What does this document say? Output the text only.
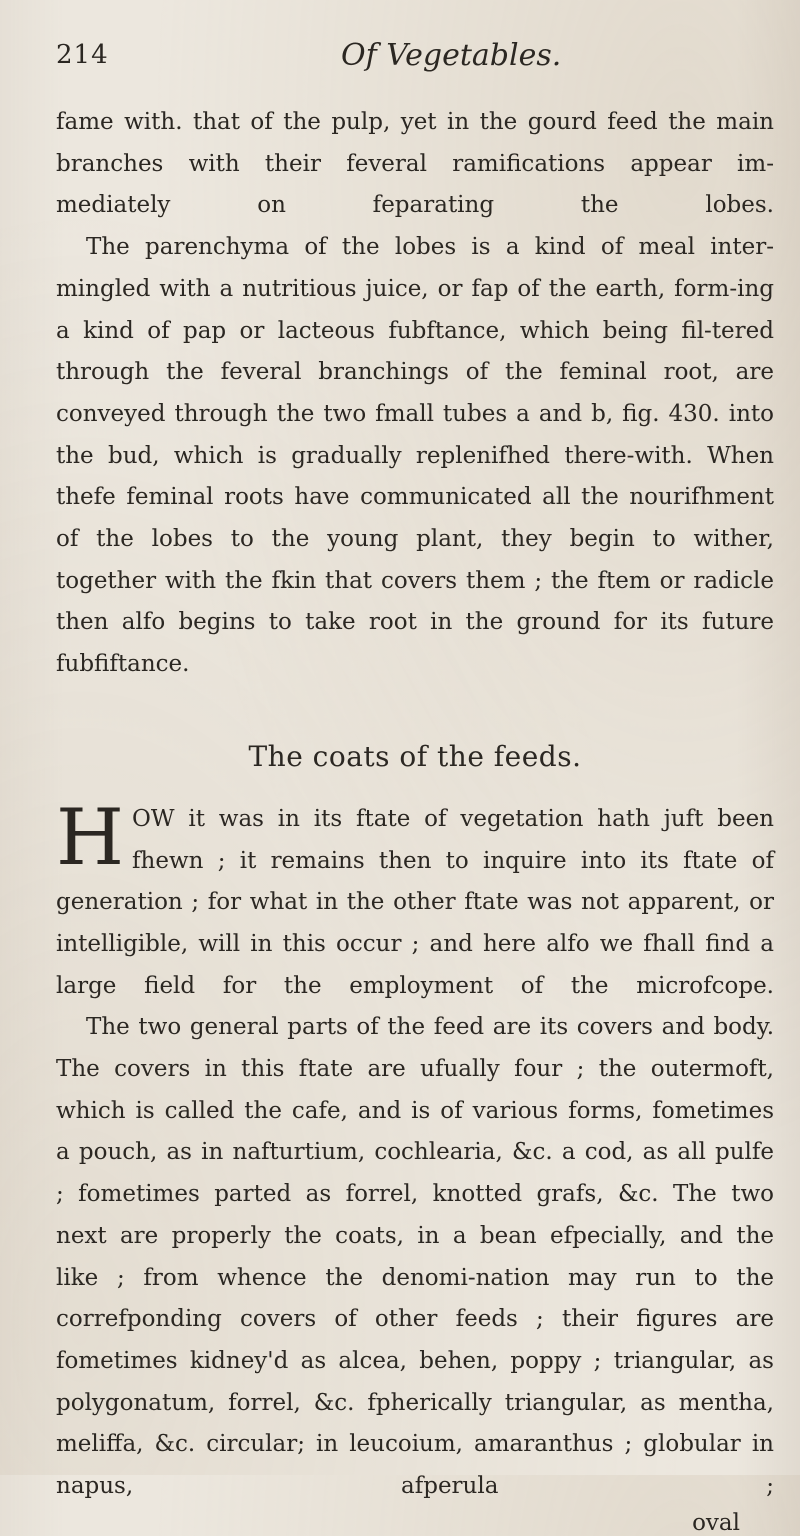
214	Of Vegetables.

fame with. that of the pulp, yet in the gourd feed the main branches with their feveral ramifications appear im-mediately on feparating the lobes.

The parenchyma of the lobes is a kind of meal inter-mingled with a nutritious juice, or fap of the earth, form-ing a kind of pap or lacteous fubftance, which being fil-tered through the feveral branchings of the feminal root, are conveyed through the two fmall tubes a and b, fig. 430. into the bud, which is gradually replenifhed there-with. When thefe feminal roots have communicated all the nourifhment of the lobes to the young plant, they begin to wither, together with the fkin that covers them ; the ftem or radicle then alfo begins to take root in the ground for its future fubfiftance.

The coats of the feeds.

HOW it was in its ftate of vegetation hath juft been fhewn ; it remains then to inquire into its ftate of generation ; for what in the other ftate was not apparent, or intelligible, will in this occur ; and here alfo we fhall find a large field for the employment of the microfcope.

The two general parts of the feed are its covers and body. The covers in this ftate are ufually four ; the outermoft, which is called the cafe, and is of various forms, fometimes a pouch, as in nafturtium, cochlearia, &c. a cod, as all pulfe ; fometimes parted as forrel, knotted grafs, &c. The two next are properly the coats, in a bean efpecially, and the like ; from whence the denomi-nation may run to the correfponding covers of other feeds ; their figures are fometimes kidney'd as alcea, behen, poppy ; triangular, as polygonatum, forrel, &c. fpherically triangular, as mentha, meliffa, &c. circular; in leucoium, amaranthus ; globular in napus, afperula ;

oval
